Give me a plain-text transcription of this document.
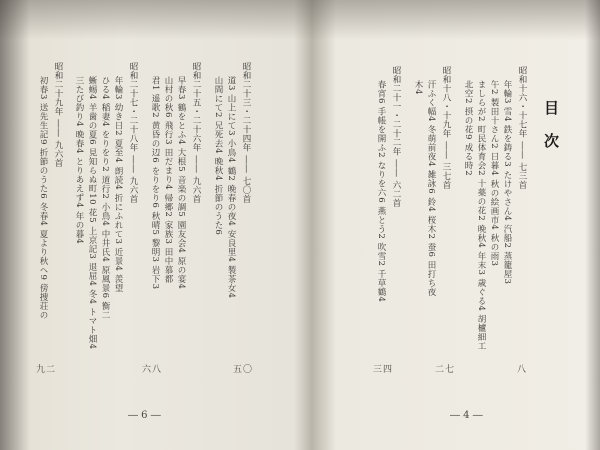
目次
昭和十六・十七年 ―― 七三首
八
年輪3 雪4 鉄を鋳る3 たけやさん4 汽船2 蒸籠屋3
午2 製田十さん2 日暮4 秋の絵画市4 秋の雨3
ましらが2 町民体育会2 十薬の花2 晩秋4 年末3 歳ぐる4 胡櫨細工
北空2 摂の花9 成る時2
昭和十八・十九年 ―― 三七首
二七
汗ふく幅4 冬萌前夜4 雑詠6 鈴4 桜木2 蚕6 田打ち夜
木4
昭和二十一・二十二年 ―― 六二首
三四
春宵6 手帳を開ふ2 なりを六6 燕とう2 吹雪2 千草鶴4
― 4 ―
昭和二十三・二十四年 ―― 七〇首
五〇
道3 山上にて3 小鳥4 鶴2 晩春の夜4 安良里4 製茶女4
山間にて2 兄死去4 晩秋4 折節のうた6
昭和二十五・二十六年 ―― 九六首
六八
早春3 鶴をとふ4 大根5 音楽の調5 園友会4 原の宴4
山村の秋6 飛行3 田だまり4 帰郷2 家族3 田中慕都
君1 遥歌2 黄昏の辺6 をりをり6 秋晴5 黎明3 岩下3
昭和二十七・二十八年 ―― 九六首
年輪3 幼き日2 夏至4 朗読4 折にふれて3 近景4 羨望
ひる4 稲妻4 をりをり2 道行2 小鳥4 中井氏4 原風景6 衡二
蜥蜴4 羊歯の夏6 見知らぬ町10 花5 上京記3 退屈4 冬4 トマト畑4
三たび釣り4 晩春4 とりあえず4 年の暮4
昭和二十九年 ―― 九六首
九二
初春3 送先生記9 折節のうた6 冬春4 夏より秋へ9 傍捜荘の
― 6 ―
